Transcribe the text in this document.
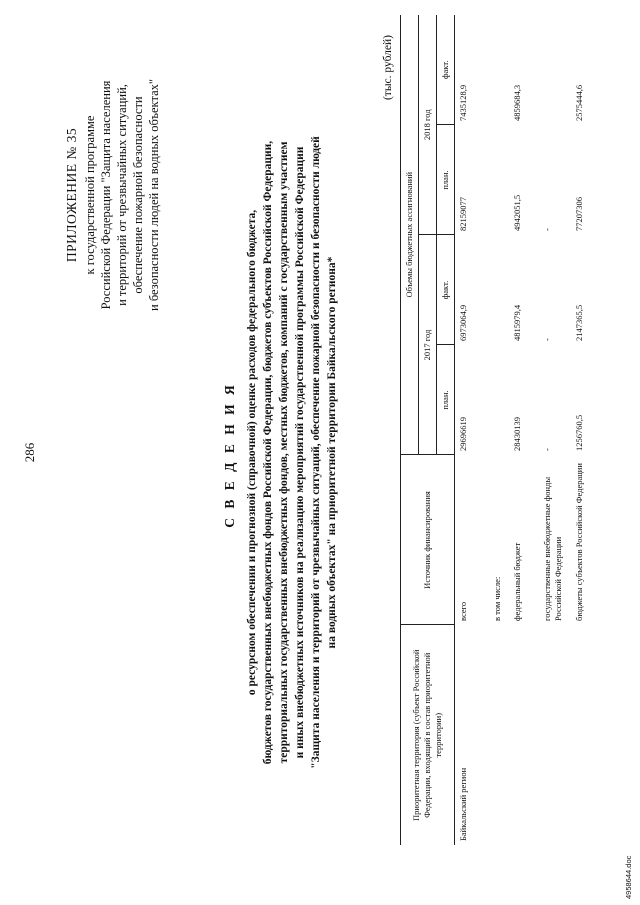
286
ПРИЛОЖЕНИЕ № 35 к государственной программе Российской Федерации "Защита населения и территорий от чрезвычайных ситуаций, обеспечение пожарной безопасности и безопасности людей на водных объектах"
С В Е Д Е Н И Я о ресурсном обеспечении и прогнозной (справочной) оценке расходов федерального бюджета, бюджетов государственных внебюджетных фондов Российской Федерации, бюджетов субъектов Российской Федерации, территориальных государственных внебюджетных фондов, местных бюджетов, компаний с государственным участием и иных внебюджетных источников на реализацию мероприятий государственной программы Российской Федерации "Защита населения и территорий от чрезвычайных ситуаций, обеспечение пожарной безопасности и безопасности людей на водных объектах" на приоритетной территории Байкальского региона*
(тыс. рублей)
Приоритетная территория (субъект Российской Федерации, входящий в состав приоритетной территории)	Источник финансирования	Объемы бюджетных ассигнований			
		2017 год		2018 год	
		план.	факт.	план.	факт.
Байкальский регион	всего	29696619	6973064,9	82159077	7435128,9
	в том числе:				
	федеральный бюджет	28430139	4815979,4	4942051,5	4859684,3
	государственные внебюджетные фонды Российской Федерации	-	-	-	
	бюджеты субъектов Российской Федерации	1256760,5	2147365,5	77207306	2575444,6
4958644.doc
